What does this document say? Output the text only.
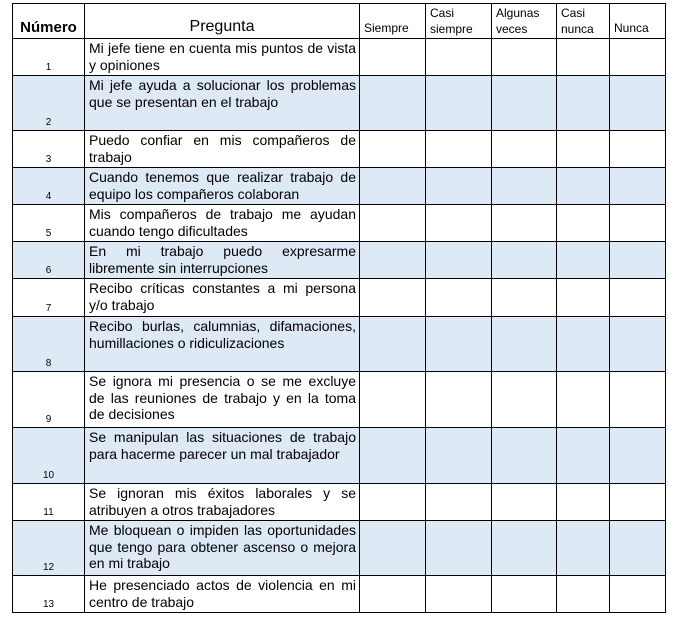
Número	Pregunta	Siempre	Casi siempre	Algunas veces	Casi nunca	Nunca
1	Mi jefe tiene en cuenta mis puntos de vista y opiniones					
2	Mi jefe ayuda a solucionar los problemas que se presentan en el trabajo					
3	Puedo confiar en mis compañeros de trabajo					
4	Cuando tenemos que realizar trabajo de equipo los compañeros colaboran					
5	Mis compañeros de trabajo me ayudan cuando tengo dificultades					
6	En mi trabajo puedo expresarme libremente sin interrupciones					
7	Recibo críticas constantes a mi persona y/o trabajo					
8	Recibo burlas, calumnias, difamaciones, humillaciones o ridiculizaciones					
9	Se ignora mi presencia o se me excluye de las reuniones de trabajo y en la toma de decisiones					
10	Se manipulan las situaciones de trabajo para hacerme parecer un mal trabajador					
11	Se ignoran mis éxitos laborales y se atribuyen a otros trabajadores					
12	Me bloquean o impiden las oportunidades que tengo para obtener ascenso o mejora en mi trabajo					
13	He presenciado actos de violencia en mi centro de trabajo					
